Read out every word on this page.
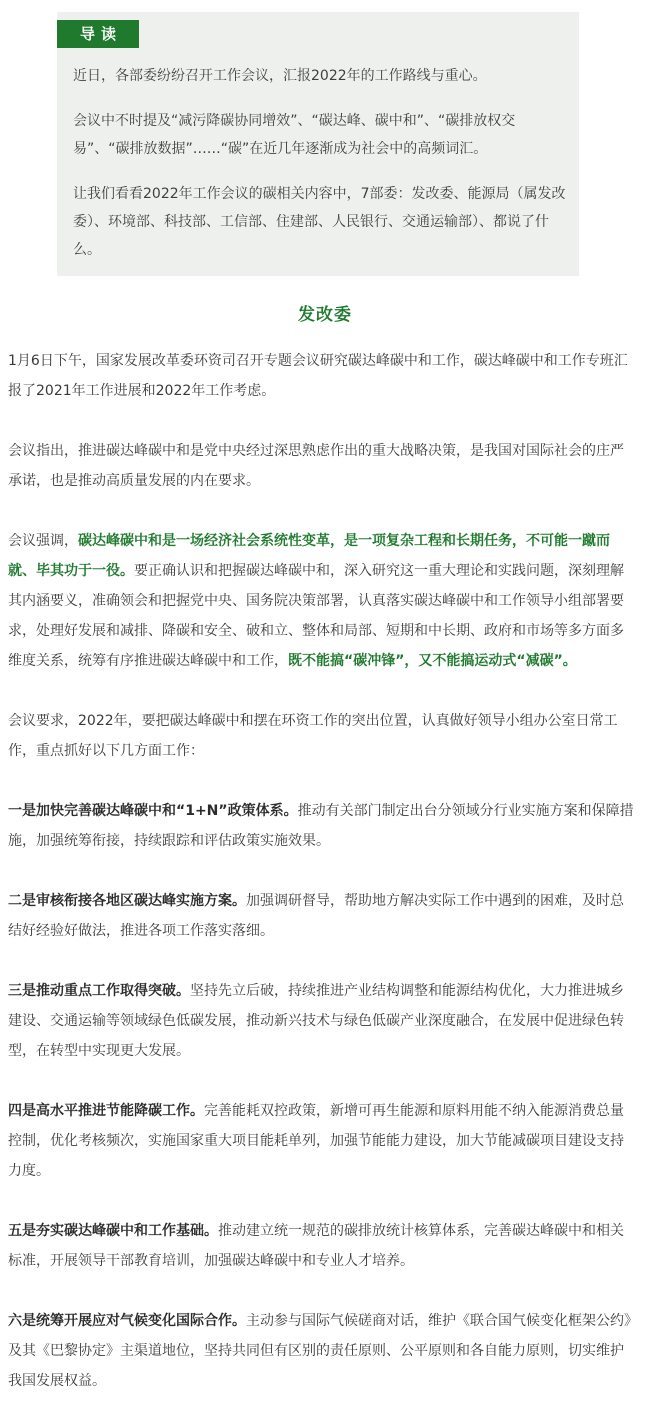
导读

近日，各部委纷纷召开工作会议，汇报2022年的工作路线与重心。

会议中不时提及“减污降碳协同增效”、“碳达峰、碳中和”、“碳排放权交易”、“碳排放数据”……“碳”在近几年逐渐成为社会中的高频词汇。

让我们看看2022年工作会议的碳相关内容中，7部委：发改委、能源局（属发改委）、环境部、科技部、工信部、住建部、人民银行、交通运输部）、都说了什么。

发改委

1月6日下午，国家发展改革委环资司召开专题会议研究碳达峰碳中和工作，碳达峰碳中和工作专班汇报了2021年工作进展和2022年工作考虑。

会议指出，推进碳达峰碳中和是党中央经过深思熟虑作出的重大战略决策，是我国对国际社会的庄严承诺，也是推动高质量发展的内在要求。

会议强调，碳达峰碳中和是一场经济社会系统性变革，是一项复杂工程和长期任务，不可能一蹴而就、毕其功于一役。要正确认识和把握碳达峰碳中和，深入研究这一重大理论和实践问题，深刻理解其内涵要义，准确领会和把握党中央、国务院决策部署，认真落实碳达峰碳中和工作领导小组部署要求，处理好发展和减排、降碳和安全、破和立、整体和局部、短期和中长期、政府和市场等多方面多维度关系，统筹有序推进碳达峰碳中和工作，既不能搞“碳冲锋”，又不能搞运动式“减碳”。

会议要求，2022年，要把碳达峰碳中和摆在环资工作的突出位置，认真做好领导小组办公室日常工作，重点抓好以下几方面工作：

一是加快完善碳达峰碳中和“1+N”政策体系。推动有关部门制定出台分领域分行业实施方案和保障措施，加强统筹衔接，持续跟踪和评估政策实施效果。

二是审核衔接各地区碳达峰实施方案。加强调研督导，帮助地方解决实际工作中遇到的困难，及时总结好经验好做法，推进各项工作落实落细。

三是推动重点工作取得突破。坚持先立后破，持续推进产业结构调整和能源结构优化，大力推进城乡建设、交通运输等领域绿色低碳发展，推动新兴技术与绿色低碳产业深度融合，在发展中促进绿色转型，在转型中实现更大发展。

四是高水平推进节能降碳工作。完善能耗双控政策，新增可再生能源和原料用能不纳入能源消费总量控制，优化考核频次，实施国家重大项目能耗单列，加强节能能力建设，加大节能减碳项目建设支持力度。

五是夯实碳达峰碳中和工作基础。推动建立统一规范的碳排放统计核算体系，完善碳达峰碳中和相关标准，开展领导干部教育培训，加强碳达峰碳中和专业人才培养。

六是统筹开展应对气候变化国际合作。主动参与国际气候磋商对话，维护《联合国气候变化框架公约》及其《巴黎协定》主渠道地位，坚持共同但有区别的责任原则、公平原则和各自能力原则，切实维护我国发展权益。
